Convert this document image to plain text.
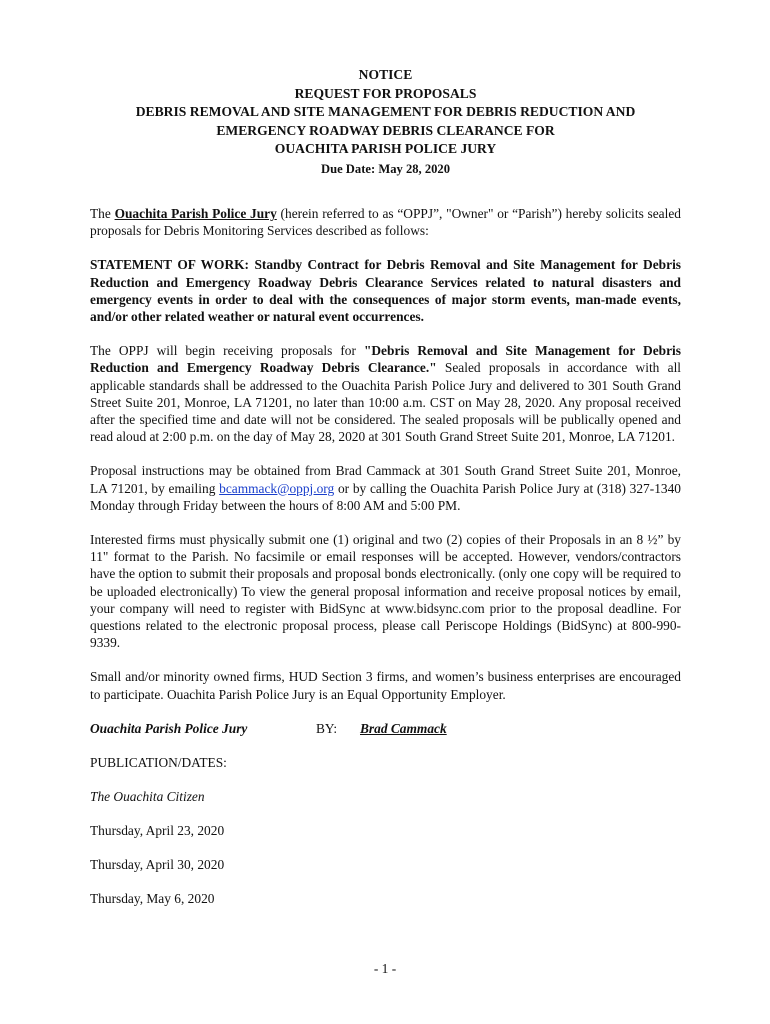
NOTICE
REQUEST FOR PROPOSALS
DEBRIS REMOVAL AND SITE MANAGEMENT FOR DEBRIS REDUCTION AND
EMERGENCY ROADWAY DEBRIS CLEARANCE FOR
OUACHITA PARISH POLICE JURY
Due Date: May 28, 2020

The Ouachita Parish Police Jury (herein referred to as “OPPJ”, "Owner" or “Parish”) hereby solicits sealed proposals for Debris Monitoring Services described as follows:

STATEMENT OF WORK: Standby Contract for Debris Removal and Site Management for Debris Reduction and Emergency Roadway Debris Clearance Services related to natural disasters and emergency events in order to deal with the consequences of major storm events, man-made events, and/or other related weather or natural event occurrences.

The OPPJ will begin receiving proposals for "Debris Removal and Site Management for Debris Reduction and Emergency Roadway Debris Clearance." Sealed proposals in accordance with all applicable standards shall be addressed to the Ouachita Parish Police Jury and delivered to 301 South Grand Street Suite 201, Monroe, LA 71201, no later than 10:00 a.m. CST on May 28, 2020. Any proposal received after the specified time and date will not be considered. The sealed proposals will be publically opened and read aloud at 2:00 p.m. on the day of May 28, 2020 at 301 South Grand Street Suite 201, Monroe, LA 71201.

Proposal instructions may be obtained from Brad Cammack at 301 South Grand Street Suite 201, Monroe, LA 71201, by emailing bcammack@oppj.org or by calling the Ouachita Parish Police Jury at (318) 327-1340 Monday through Friday between the hours of 8:00 AM and 5:00 PM.

Interested firms must physically submit one (1) original and two (2) copies of their Proposals in an 8 ½” by 11" format to the Parish. No facsimile or email responses will be accepted. However, vendors/contractors have the option to submit their proposals and proposal bonds electronically. (only one copy will be required to be uploaded electronically) To view the general proposal information and receive proposal notices by email, your company will need to register with BidSync at www.bidsync.com prior to the proposal deadline. For questions related to the electronic proposal process, please call Periscope Holdings (BidSync) at 800-990-9339.

Small and/or minority owned firms, HUD Section 3 firms, and women’s business enterprises are encouraged to participate. Ouachita Parish Police Jury is an Equal Opportunity Employer.

Ouachita Parish Police Jury	BY:	Brad Cammack
PUBLICATION/DATES:
The Ouachita Citizen
Thursday, April 23, 2020
Thursday, April 30, 2020
Thursday, May 6, 2020
- 1 -
